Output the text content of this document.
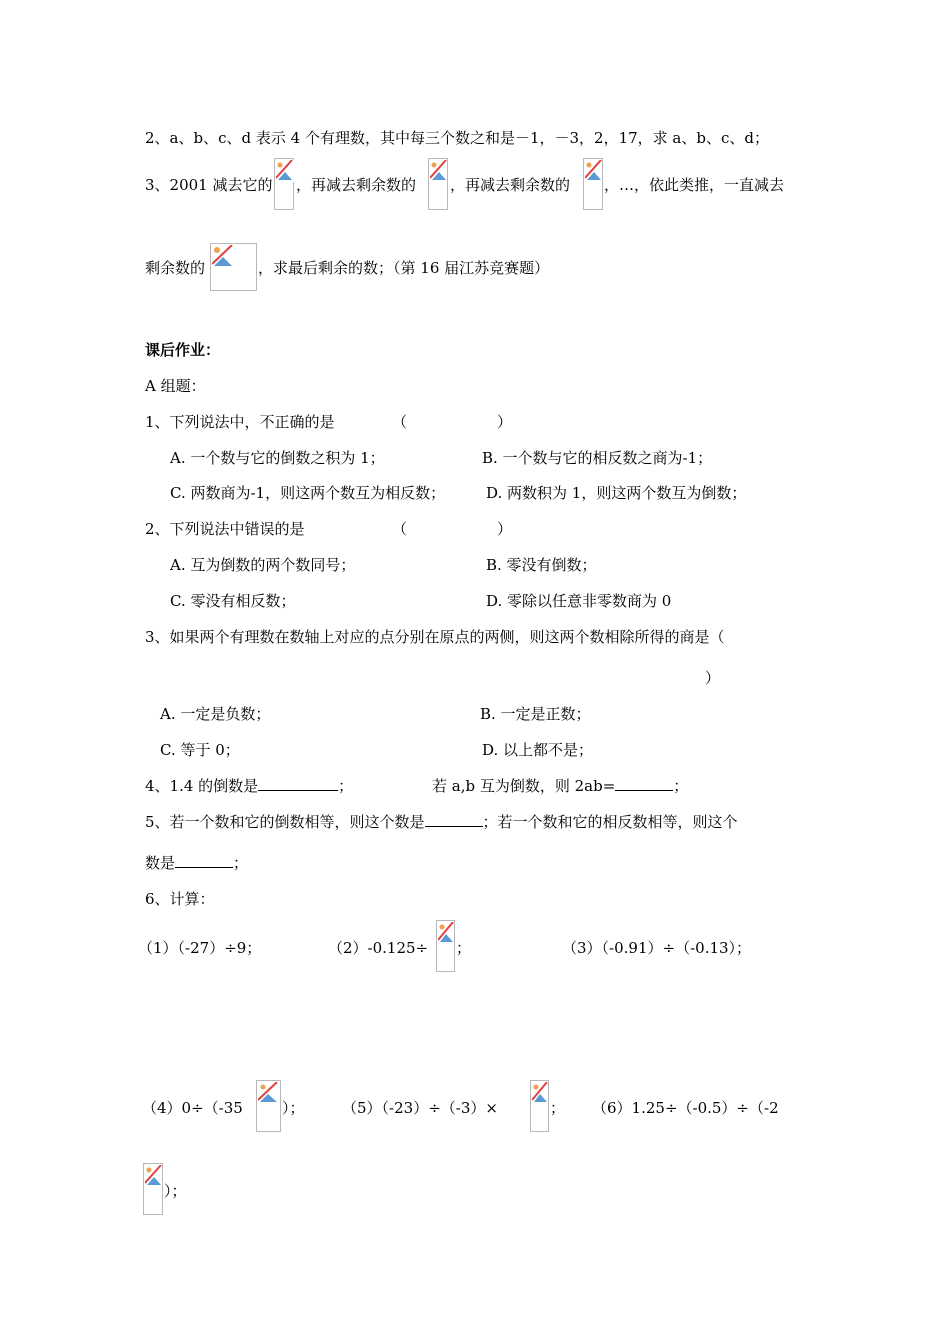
2、a、b、c、d 表示 4 个有理数，其中每三个数之和是－1，－3，2，17，求 a、b、c、d；
3、2001 减去它的 ，再减去剩余数的 ，再减去剩余数的 ，…，依此类推，一直减去
剩余数的	，求最后剩余的数；（第 16 届江苏竞赛题）
课后作业：
A 组题：
1、下列说法中，不正确的是	（　　　　　　）
A. 一个数与它的倒数之积为 1；	B. 一个数与它的相反数之商为-1；
C. 两数商为-1，则这两个数互为相反数；	D. 两数积为 1，则这两个数互为倒数；
2、下列说法中错误的是	（　　　　　　）
A. 互为倒数的两个数同号；	B. 零没有倒数；
C. 零没有相反数；	D. 零除以任意非零数商为 0
3、如果两个有理数在数轴上对应的点分别在原点的两侧，则这两个数相除所得的商是（
）
A. 一定是负数；	B. 一定是正数；
C. 等于 0；	D. 以上都不是；
4、1.4 的倒数是	；	若 a,b 互为倒数，则 2ab=	；
5、若一个数和它的倒数相等，则这个数是	；若一个数和它的相反数相等，则这个
数是	；
6、计算：
（1）（-27）÷9；	（2）-0.125÷ ；	（3）（-0.91）÷（-0.13）；
（4）0÷（-35	）； （5）（-23）÷（-3）×	； （6）1.25÷（-0.5）÷（-2
）；
